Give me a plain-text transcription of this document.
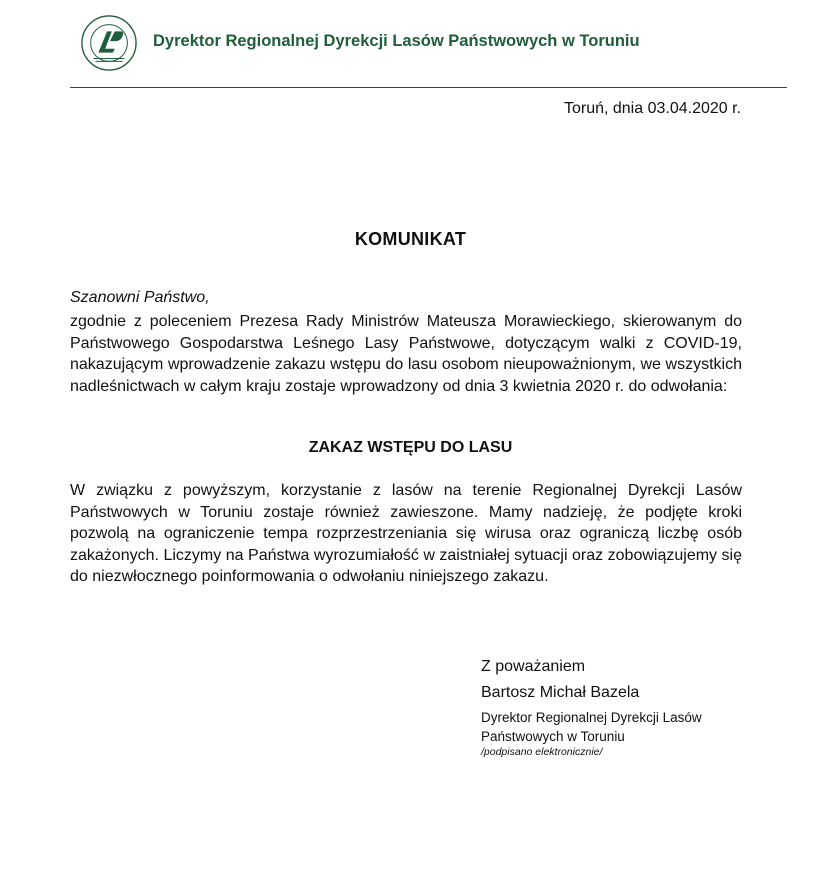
Dyrektor Regionalnej Dyrekcji Lasów Państwowych w Toruniu
Toruń, dnia 03.04.2020 r.
KOMUNIKAT
Szanowni Państwo,
zgodnie z poleceniem Prezesa Rady Ministrów Mateusza Morawieckiego, skierowanym do Państwowego Gospodarstwa Leśnego Lasy Państwowe, dotyczącym walki z COVID-19, nakazującym wprowadzenie zakazu wstępu do lasu osobom nieupoważnionym, we wszystkich nadleśnictwach w całym kraju zostaje wprowadzony od dnia 3 kwietnia 2020 r. do odwołania:
ZAKAZ WSTĘPU DO LASU
W związku z powyższym, korzystanie z lasów na terenie Regionalnej Dyrekcji Lasów Państwowych w Toruniu zostaje również zawieszone. Mamy nadzieję, że podjęte kroki pozwolą na ograniczenie tempa rozprzestrzeniania się wirusa oraz ograniczą liczbę osób zakażonych. Liczymy na Państwa wyrozumiałość w zaistniałej sytuacji oraz zobowiązujemy się do niezwłocznego poinformowania o odwołaniu niniejszego zakazu.
Z poważaniem
Bartosz Michał Bazela
Dyrektor Regionalnej Dyrekcji Lasów Państwowych w Toruniu
/podpisano elektronicznie/
